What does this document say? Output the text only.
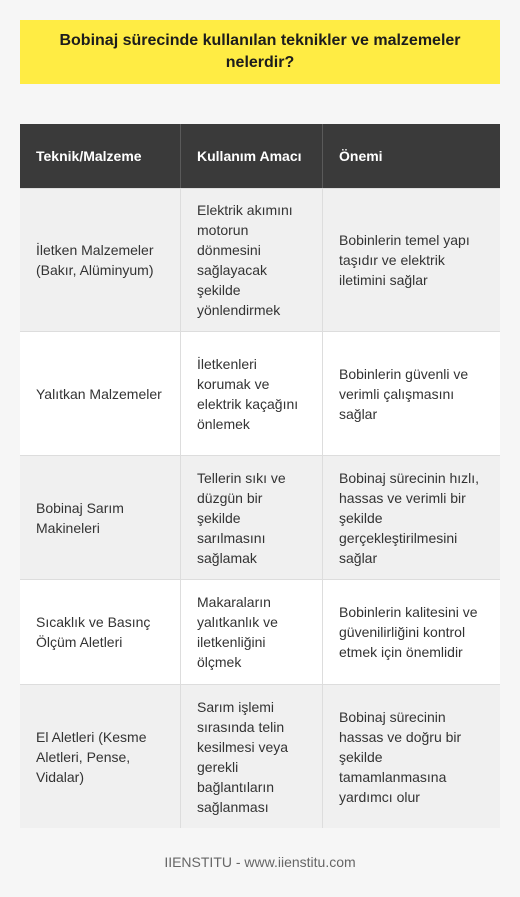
Bobinaj sürecinde kullanılan teknikler ve malzemeler nelerdir?
Teknik/Malzeme	Kullanım Amacı	Önemi
İletken Malzemeler (Bakır, Alüminyum)
Elektrik akımını motorun dönmesini sağlayacak şekilde yönlendirmek
Bobinlerin temel yapı taşıdır ve elektrik iletimini sağlar
Yalıtkan Malzemeler
İletkenleri korumak ve elektrik kaçağını önlemek
Bobinlerin güvenli ve verimli çalışmasını sağlar
Bobinaj Sarım Makineleri
Tellerin sıkı ve düzgün bir şekilde sarılmasını sağlamak
Bobinaj sürecinin hızlı, hassas ve verimli bir şekilde gerçekleştirilmesini sağlar
Sıcaklık ve Basınç Ölçüm Aletleri
Makaraların yalıtkanlık ve iletkenliğini ölçmek
Bobinlerin kalitesini ve güvenilirliğini kontrol etmek için önemlidir
El Aletleri (Kesme Aletleri, Pense, Vidalar)
Sarım işlemi sırasında telin kesilmesi veya gerekli bağlantıların sağlanması
Bobinaj sürecinin hassas ve doğru bir şekilde tamamlanmasına yardımcı olur
IIENSTITU - www.iienstitu.com
